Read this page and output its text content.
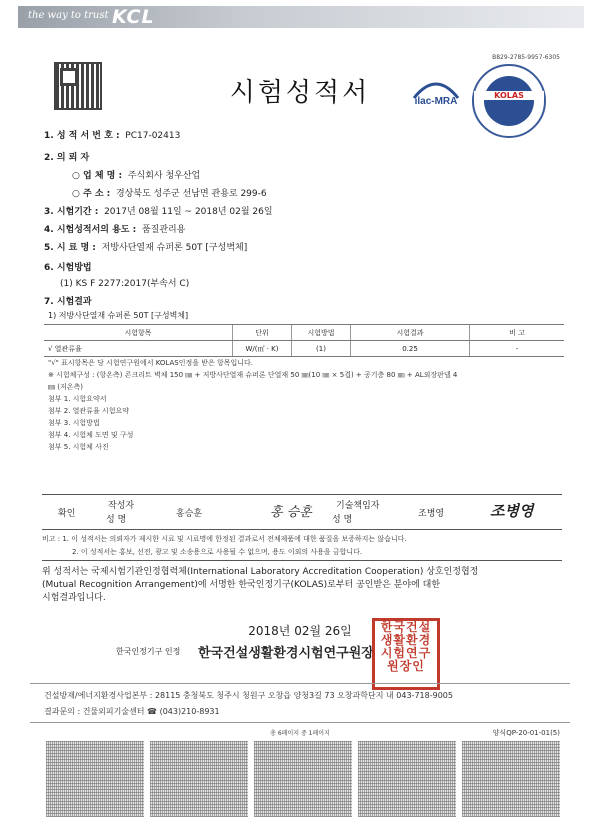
the way to trust KCL
B829-2785-9957-6305
시험성적서	ilac-MRA
KOLAS
1. 성 적 서 번 호 : PC17-02413
2. 의 뢰 자
○ 업 체 명 : 주식회사 청우산업
○ 주 소 : 경상북도 성주군 선남면 관용로 299-6
3. 시험기간 : 2017년 08월 11일 ~ 2018년 02월 26일
4. 시험성적서의 용도 : 품질관리용
5. 시 료 명 : 저방사단열재 슈퍼론 50T [구성벽체]
6. 시험방법
(1) KS F 2277:2017(부속서 C)
7. 시험결과
1) 저방사단열재 슈퍼론 50T [구성벽체]
시험항목	단위	시험방법	시험결과	비 고
√ 열관류율	W/(㎡ · K)	(1)	0.25	-
"√" 표시항목은 당 시험연구원에서 KOLAS인정을 받은 항목입니다.
※ 시험체구성 : (항온측) 콘크리트 벽체 150 ㎜ + 저방사단열재 슈퍼론 단열재 50 ㎜(10 ㎜ × 5겹) + 공기층 80 ㎜ + AL외장판넬 4
㎜ (저온측)
첨부 1. 시험요약서
첨부 2. 열관류율 시험요약
첨부 3. 시험방법
첨부 4. 시험체 도면 및 구성
첨부 5. 시험체 사진
확인
작성자
성 명
홍승훈	홍 승훈	기술책임자
성 명
조병영	조병영
비고 : 1. 이 성적서는 의뢰자가 제시한 시료 및 시료명에 한정된 결과로서 전체제품에 대한 품질을 보증하지는 않습니다.
2. 이 성적서는 홍보, 선전, 광고 및 소송용으로 사용될 수 없으며, 용도 이외의 사용을 금합니다.
위 성적서는 국제시험기관인정협력체(International Laboratory Accreditation Cooperation) 상호인정협정
(Mutual Recognition Arrangement)에 서명한 한국인정기구(KOLAS)로부터 공인받은 분야에 대한
시험결과입니다.
2018년 02월 26일
한국인정기구 인정 한국건설생활환경시험연구원장
한국건설생활환경시험연구원장인
건설방재/에너지환경사업본부 : 28115 충청북도 청주시 청원구 오창읍 양청3길 73 오창과학단지 내 043-718-9005
결과문의 : 건물외피기술센터 ☎ (043)210-8931
총 6페이지 중 1페이지	양식QP-20-01-01(5)
